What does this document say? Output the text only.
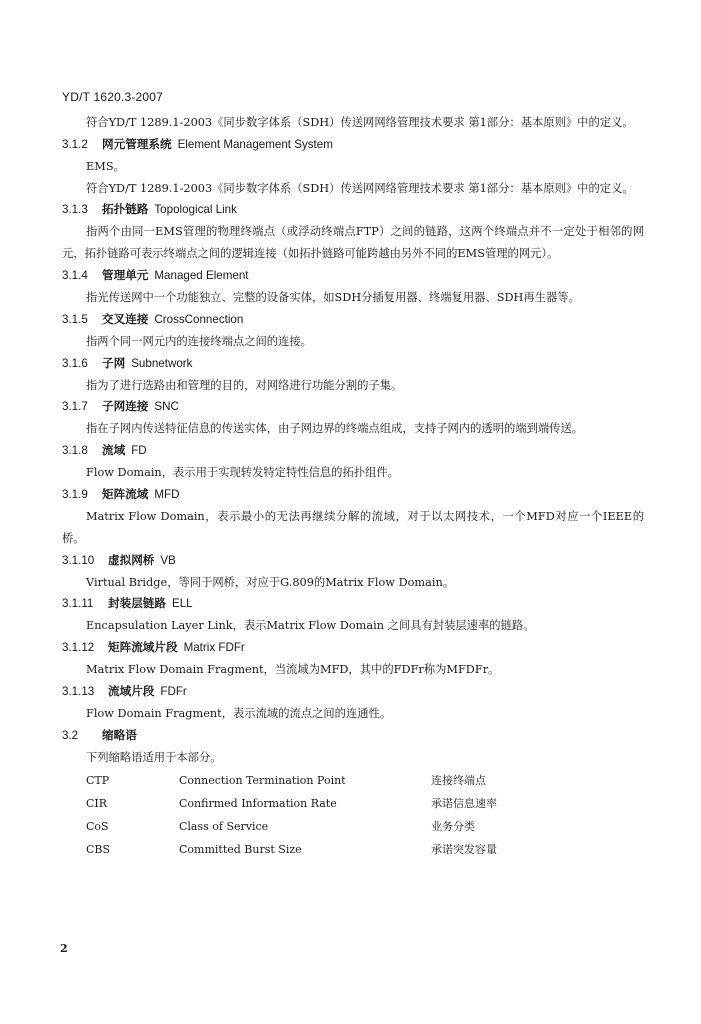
YD/T 1620.3-2007

符合YD/T 1289.1-2003《同步数字体系（SDH）传送网网络管理技术要求 第1部分：基本原则》中的定义。

3.1.2 网元管理系统 Element Management System

EMS。

符合YD/T 1289.1-2003《同步数字体系（SDH）传送网网络管理技术要求 第1部分：基本原则》中的定义。

3.1.3 拓扑链路 Topological Link

指两个由同一EMS管理的物理终端点（或浮动终端点FTP）之间的链路，这两个终端点并不一定处于相邻的网元，拓扑链路可表示终端点之间的逻辑连接（如拓扑链路可能跨越由另外不同的EMS管理的网元）。

3.1.4 管理单元 Managed Element

指光传送网中一个功能独立、完整的设备实体，如SDH分插复用器、终端复用器、SDH再生器等。

3.1.5 交叉连接 CrossConnection

指两个同一网元内的连接终端点之间的连接。

3.1.6 子网 Subnetwork

指为了进行选路由和管理的目的，对网络进行功能分割的子集。

3.1.7 子网连接 SNC

指在子网内传送特征信息的传送实体，由子网边界的终端点组成，支持子网内的透明的端到端传送。

3.1.8 流域 FD

Flow Domain，表示用于实现转发特定特性信息的拓扑组件。

3.1.9 矩阵流域 MFD

Matrix Flow Domain，表示最小的无法再继续分解的流域，对于以太网技术，一个MFD对应一个IEEE的桥。

3.1.10 虚拟网桥 VB

Virtual Bridge，等同于网桥，对应于G.809的Matrix Flow Domain。

3.1.11 封装层链路 ELL

Encapsulation Layer Link，表示Matrix Flow Domain 之间具有封装层速率的链路。

3.1.12 矩阵流域片段 Matrix FDFr

Matrix Flow Domain Fragment，当流域为MFD，其中的FDFr称为MFDFr。

3.1.13 流域片段 FDFr

Flow Domain Fragment，表示流域的流点之间的连通性。

3.2 缩略语

下列缩略语适用于本部分。

CTP	Connection Termination Point	连接终端点
CIR	Confirmed Information Rate	承诺信息速率
CoS	Class of Service	业务分类
CBS	Committed Burst Size	承诺突发容量
2
